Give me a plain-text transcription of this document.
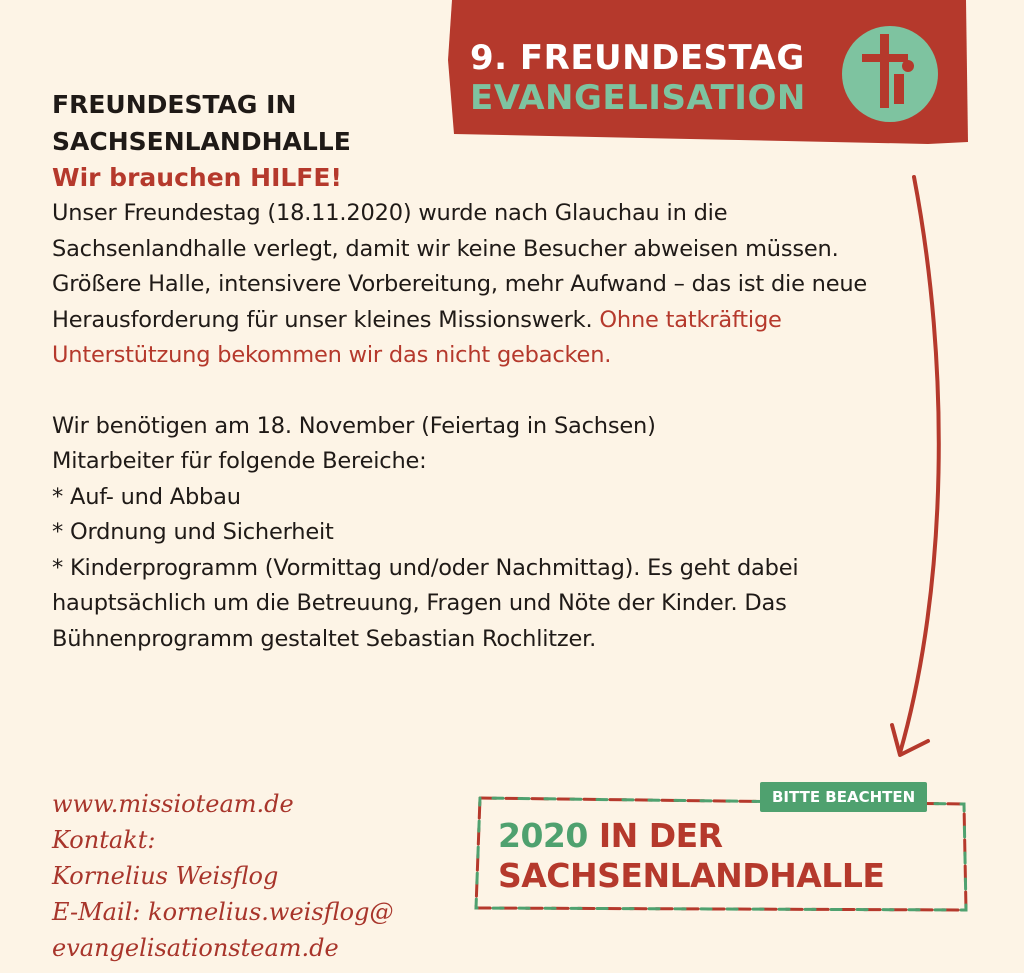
9. FREUNDESTAG
EVANGELISATION
FREUNDESTAG IN SACHSENLANDHALLE
Wir brauchen HILFE!

Unser Freundestag (18.11.2020) wurde nach Glauchau in die Sachsenlandhalle verlegt, damit wir keine Besucher abweisen müssen. Größere Halle, intensivere Vorbereitung, mehr Aufwand – das ist die neue Herausforderung für unser kleines Missionswerk. Ohne tatkräftige Unterstützung bekommen wir das nicht gebacken.

Wir benötigen am 18. November (Feiertag in Sachsen)
Mitarbeiter für folgende Bereiche:

* Auf- und Abbau
* Ordnung und Sicherheit
* Kinderprogramm (Vormittag und/oder Nachmittag). Es geht dabei hauptsächlich um die Betreuung, Fragen und Nöte der Kinder. Das Bühnenprogramm gestaltet Sebastian Rochlitzer.
www.missioteam.de
Kontakt:
Kornelius Weisflog
E-Mail: kornelius.weisflog@
evangelisationsteam.de
BITTE BEACHTEN
2020 IN DER
SACHSENLANDHALLE
